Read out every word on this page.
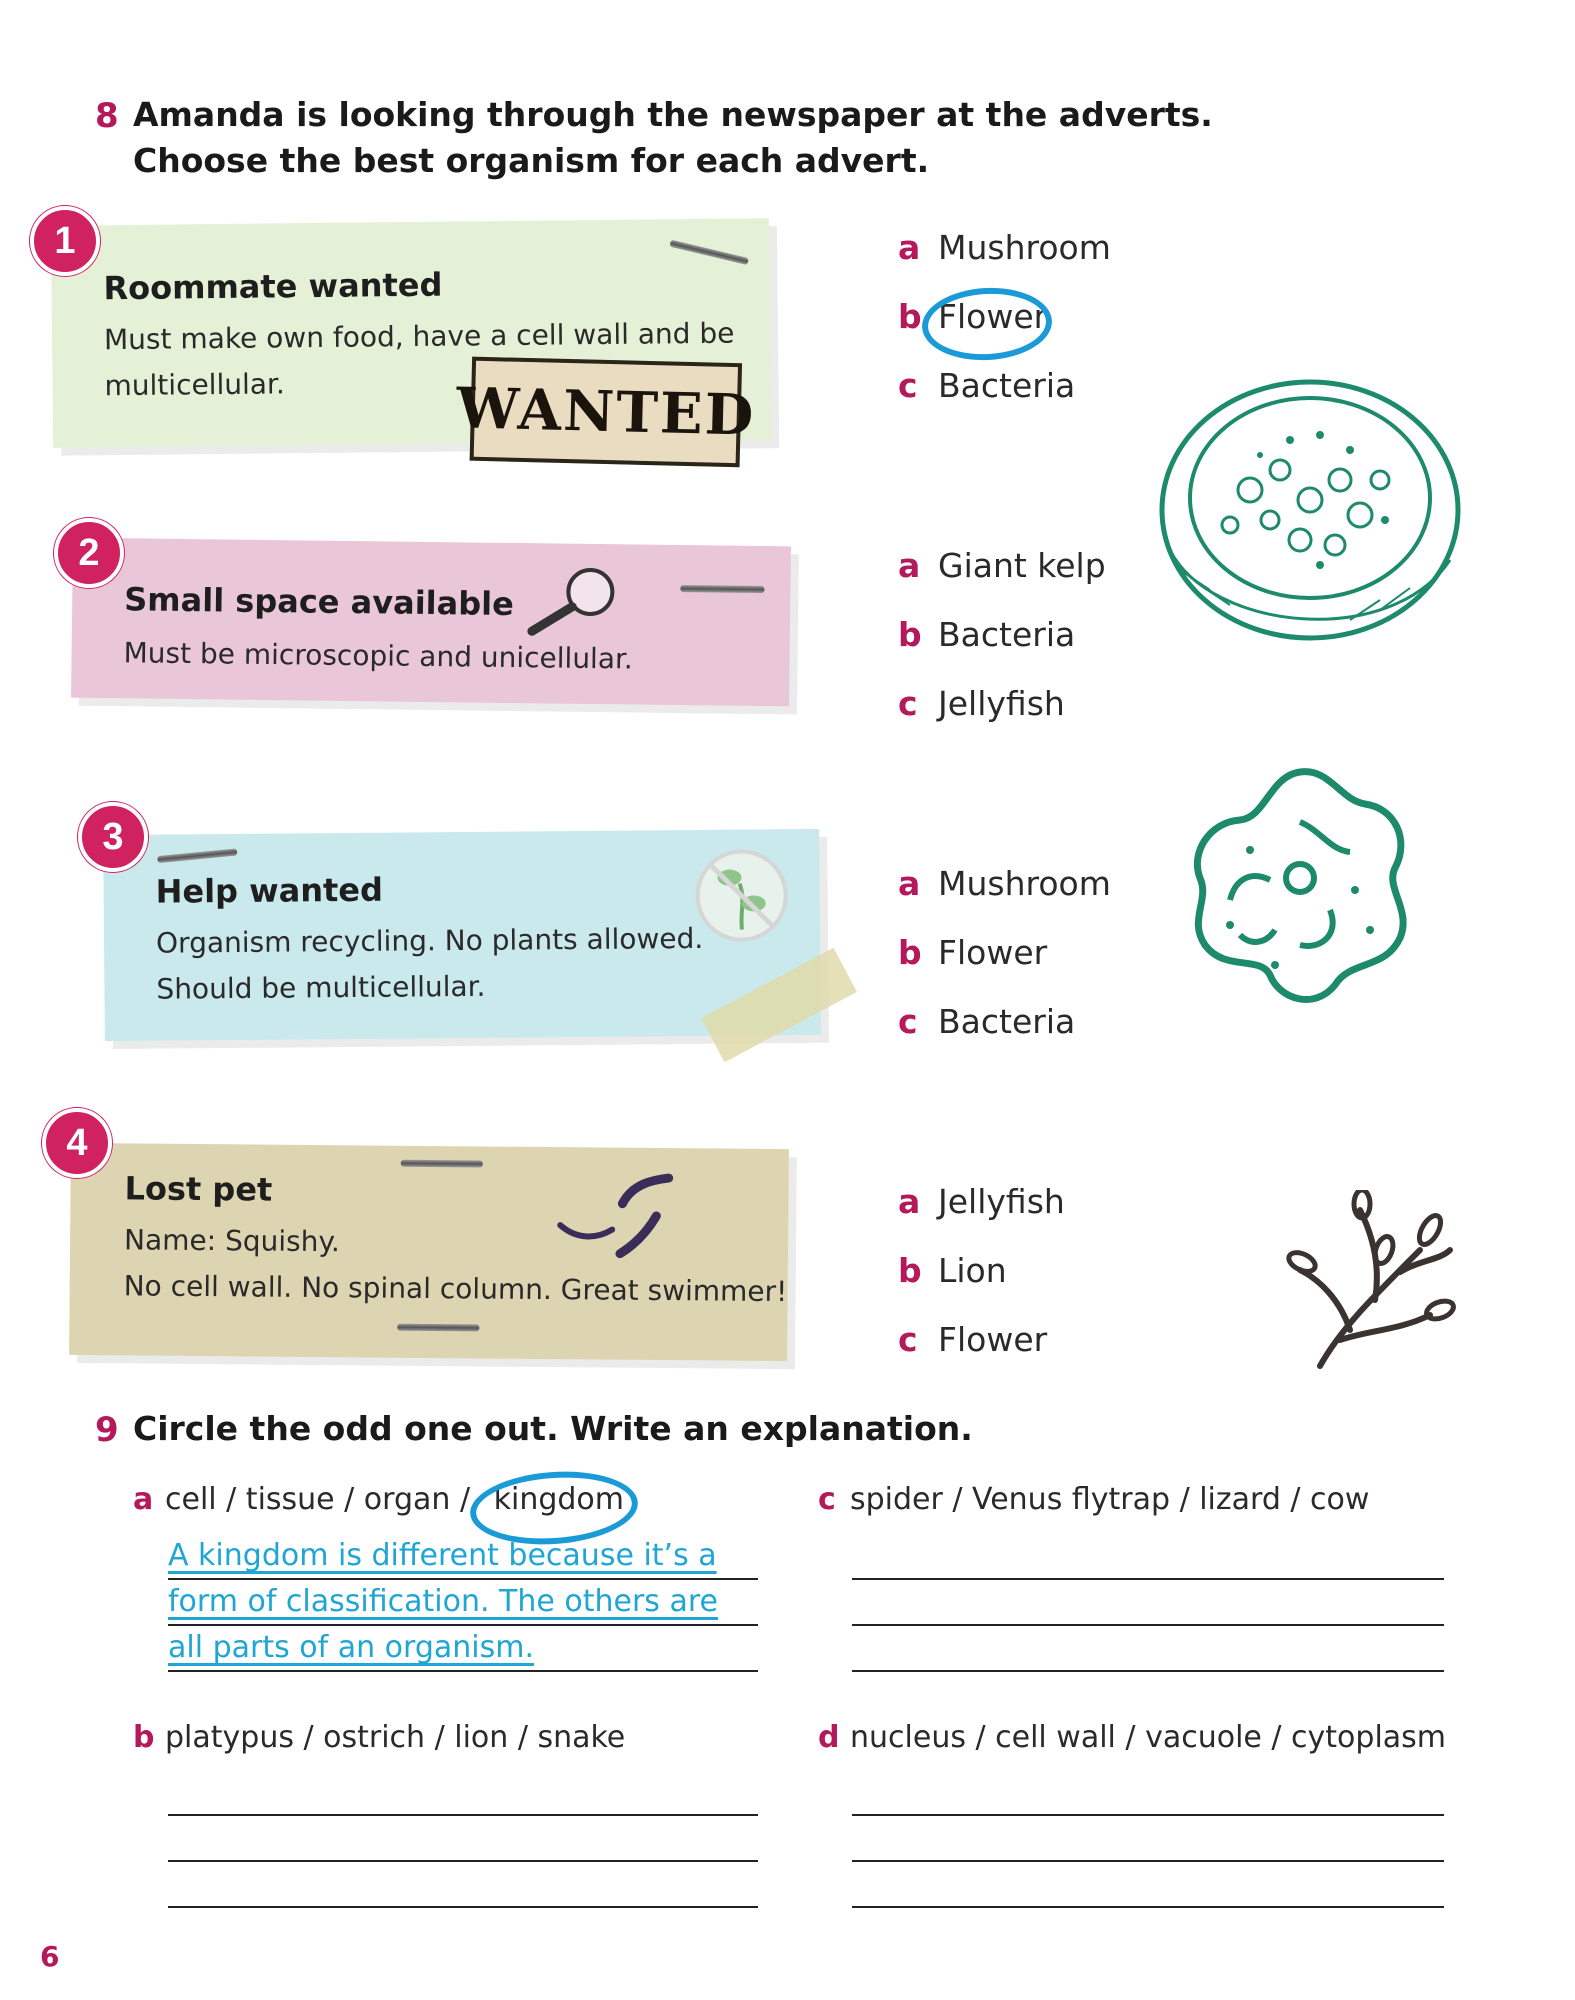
8 Amanda is looking through the newspaper at the adverts.
Choose the best organism for each advert.
Roommate wanted
Must make own food, have a cell wall and be
multicellular.	WANTED
1
Small space available
Must be microscopic and unicellular.
2
Help wanted
Organism recycling. No plants allowed.
Should be multicellular.
3
Lost pet
Name: Squishy.
No cell wall. No spinal column. Great swimmer!
4
a Mushroom
b Flower
c Bacteria
a Giant kelp
b Bacteria
c Jellyfish
a Mushroom
b Flower
c Bacteria
a Jellyfish
b Lion
c Flower
9 Circle the odd one out. Write an explanation.
a cell / tissue / organ / kingdom
A kingdom is different because it’s a
form of classification. The others are
all parts of an organism.
c spider / Venus flytrap / lizard / cow
b platypus / ostrich / lion / snake	d nucleus / cell wall / vacuole / cytoplasm
6
